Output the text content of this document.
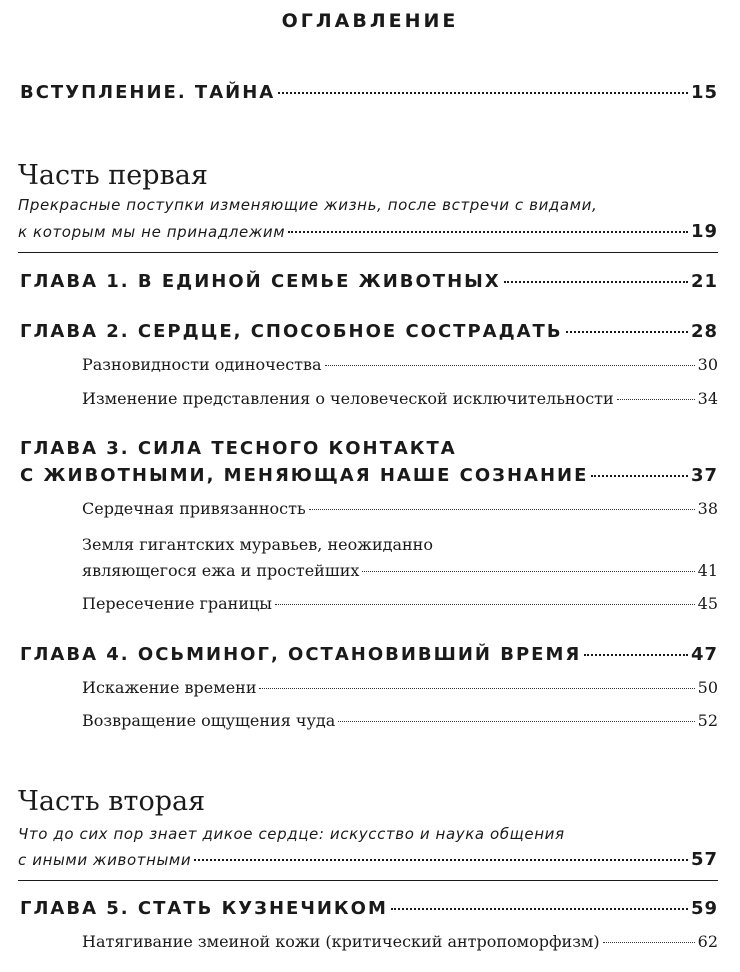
ОГЛАВЛЕНИЕ
ВСТУПЛЕНИЕ. ТАЙНА	15
Часть первая
Прекрасные поступки изменяющие жизнь, после встречи с видами,
к которым мы не принадлежим	19
ГЛАВА 1. В ЕДИНОЙ СЕМЬЕ ЖИВОТНЫХ	21
ГЛАВА 2. СЕРДЦЕ, СПОСОБНОЕ СОСТРАДАТЬ	28
Разновидности одиночества	30
Изменение представления о человеческой исключительности	34
ГЛАВА 3. СИЛА ТЕСНОГО КОНТАКТА
С ЖИВОТНЫМИ, МЕНЯЮЩАЯ НАШЕ СОЗНАНИЕ	37
Сердечная привязанность	38
Земля гигантских муравьев, неожиданно
являющегося ежа и простейших	41
Пересечение границы	45
ГЛАВА 4. ОСЬМИНОГ, ОСТАНОВИВШИЙ ВРЕМЯ	47
Искажение времени	50
Возвращение ощущения чуда	52
Часть вторая
Что до сих пор знает дикое сердце: искусство и наука общения
с иными животными	57
ГЛАВА 5. СТАТЬ КУЗНЕЧИКОМ	59
Натягивание змеиной кожи (критический антропоморфизм)	62
